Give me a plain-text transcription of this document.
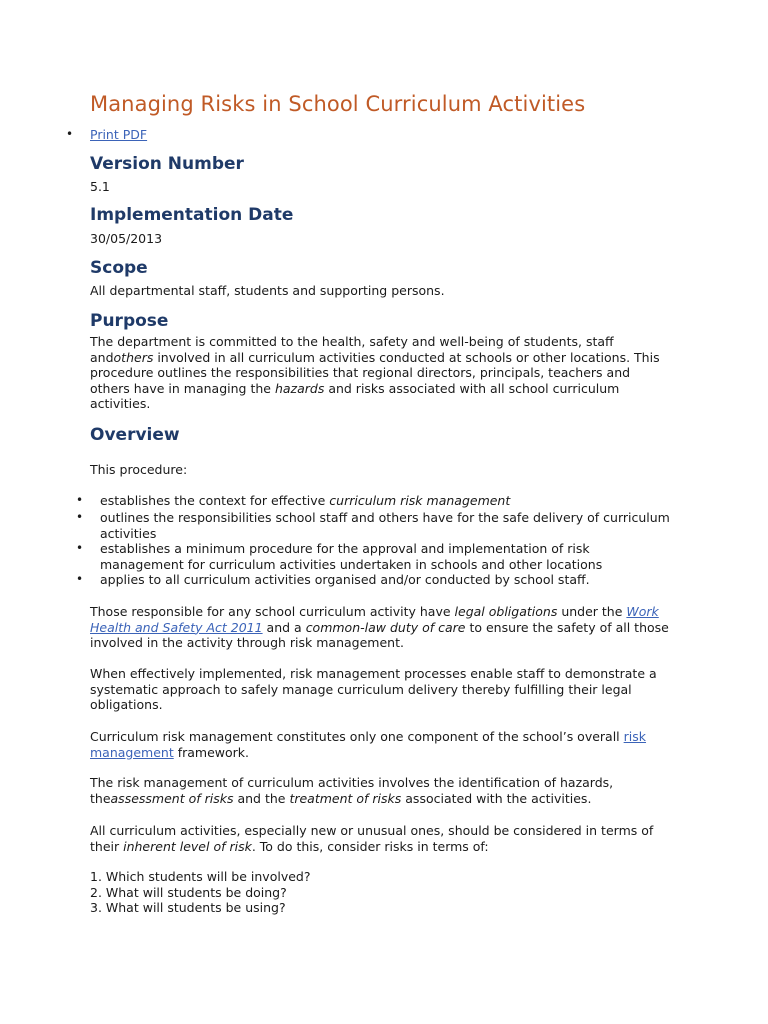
Managing Risks in School Curriculum Activities
• Print PDF
Version Number
5.1
Implementation Date
30/05/2013
Scope
All departmental staff, students and supporting persons.
Purpose
The department is committed to the health, safety and well-being of students, staff
andothers involved in all curriculum activities conducted at schools or other locations. This
procedure outlines the responsibilities that regional directors, principals, teachers and
others have in managing the hazards and risks associated with all school curriculum
activities.
Overview
This procedure:
• establishes the context for effective curriculum risk management
• outlines the responsibilities school staff and others have for the safe delivery of curriculum
activities
• establishes a minimum procedure for the approval and implementation of risk
management for curriculum activities undertaken in schools and other locations
• applies to all curriculum activities organised and/or conducted by school staff.
Those responsible for any school curriculum activity have legal obligations under the Work
Health and Safety Act 2011 and a common-law duty of care to ensure the safety of all those
involved in the activity through risk management.
When effectively implemented, risk management processes enable staff to demonstrate a
systematic approach to safely manage curriculum delivery thereby fulfilling their legal
obligations.
Curriculum risk management constitutes only one component of the school’s overall risk
management framework.
The risk management of curriculum activities involves the identification of hazards,
theassessment of risks and the treatment of risks associated with the activities.
All curriculum activities, especially new or unusual ones, should be considered in terms of
their inherent level of risk. To do this, consider risks in terms of:
1. Which students will be involved?
2. What will students be doing?
3. What will students be using?
